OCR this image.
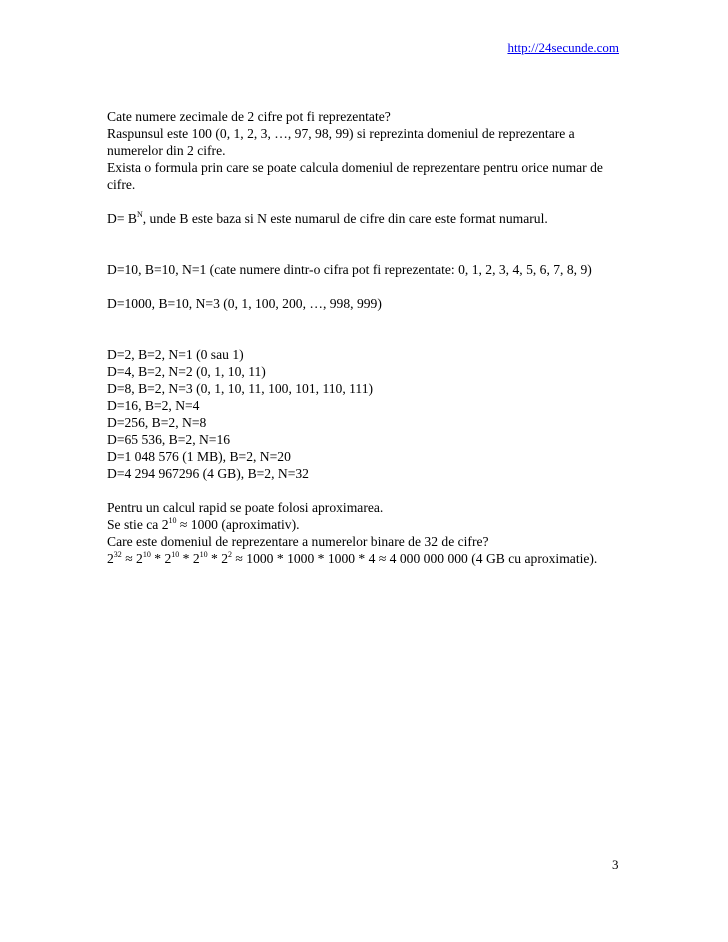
http://24secunde.com
Cate numere zecimale de 2 cifre pot fi reprezentate?
Raspunsul este 100 (0, 1, 2, 3, …, 97, 98, 99) si reprezinta domeniul de reprezentare a numerelor din 2 cifre.
Exista o formula prin care se poate calcula domeniul de reprezentare pentru orice numar de cifre.
$D= B^N$, unde B este baza si N este numarul de cifre din care este format numarul.
D=10, B=10, N=1 (cate numere dintr-o cifra pot fi reprezentate: 0, 1, 2, 3, 4, 5, 6, 7, 8, 9)
D=1000, B=10, N=3 (0, 1, 100, 200, …, 998, 999)
D=2, B=2, N=1 (0 sau 1)
D=4, B=2, N=2 (0, 1, 10, 11)
D=8, B=2, N=3 (0, 1, 10, 11, 100, 101, 110, 111)
D=16, B=2, N=4
D=256, B=2, N=8
D=65 536, B=2, N=16
D=1 048 576 (1 MB), B=2, N=20
D=4 294 967296 (4 GB), B=2, N=32
Pentru un calcul rapid se poate folosi aproximarea.
Se stie ca $2^{10} \approx 1000$ (aproximativ).
Care este domeniul de reprezentare a numerelor binare de 32 de cifre?
$2^{32} \approx 2^{10} * 2^{10} * 2^{10} * 2^2 \approx 1000 * 1000 * 1000 * 4 \approx 4$ 000 000 000 (4 GB cu aproximatie).
3
